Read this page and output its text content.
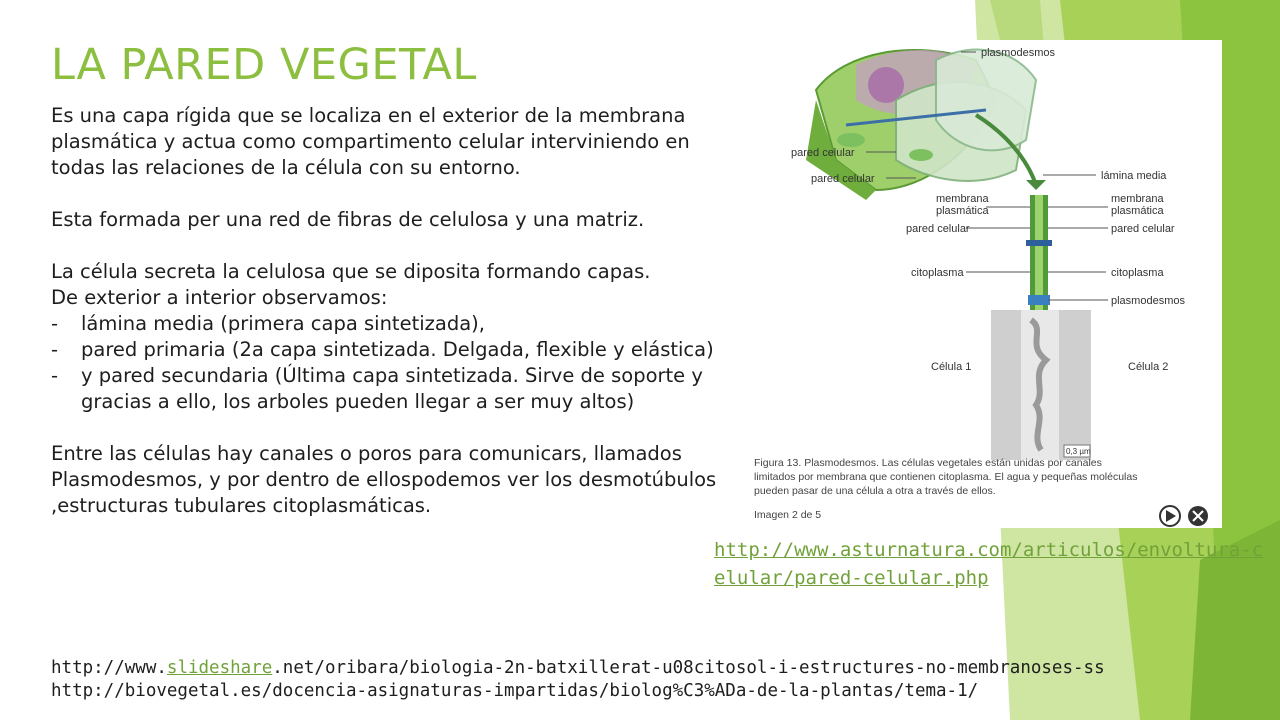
LA PARED VEGETAL

Es una capa rígida que se localiza en el exterior de la membrana plasmática y actua como compartimento celular interviniendo en todas las relaciones de la célula con su entorno.

Esta formada per una red de fibras de celulosa y una matriz.

La célula secreta la celulosa que se diposita formando capas.

De exterior a interior observamos:

- lámina media (primera capa sintetizada),
- pared primaria (2a capa sintetizada. Delgada, flexible y elástica)
- y pared secundaria (Última capa sintetizada. Sirve de soporte y gracias a ello, los arboles pueden llegar a ser muy altos)

Entre las células hay canales o poros para comunicars, llamados Plasmodesmos, y por dentro de ellospodemos ver los desmotúbulos ,estructuras tubulares citoplasmáticas.

plasmodesmos
pared celular
pared celular	lámina media
membrana
plasmática
membrana
plasmática
pared celular	pared celular
citoplasma	citoplasma
plasmodesmos
Célula 1	Célula 2
0,3 µm
Figura 13. Plasmodesmos. Las células vegetales están unidas por canales
limitados por membrana que contienen citoplasma. El agua y pequeñas moléculas
pueden pasar de una célula a otra a través de ellos.
Imagen 2 de 5
http://www.asturnatura.com/articulos/envoltura-celular/pared-celular.php
http://www.slideshare.net/oribara/biologia-2n-batxillerat-u08citosol-i-estructures-no-membranoses-ss
http://biovegetal.es/docencia-asignaturas-impartidas/biolog%C3%ADa-de-la-plantas/tema-1/
